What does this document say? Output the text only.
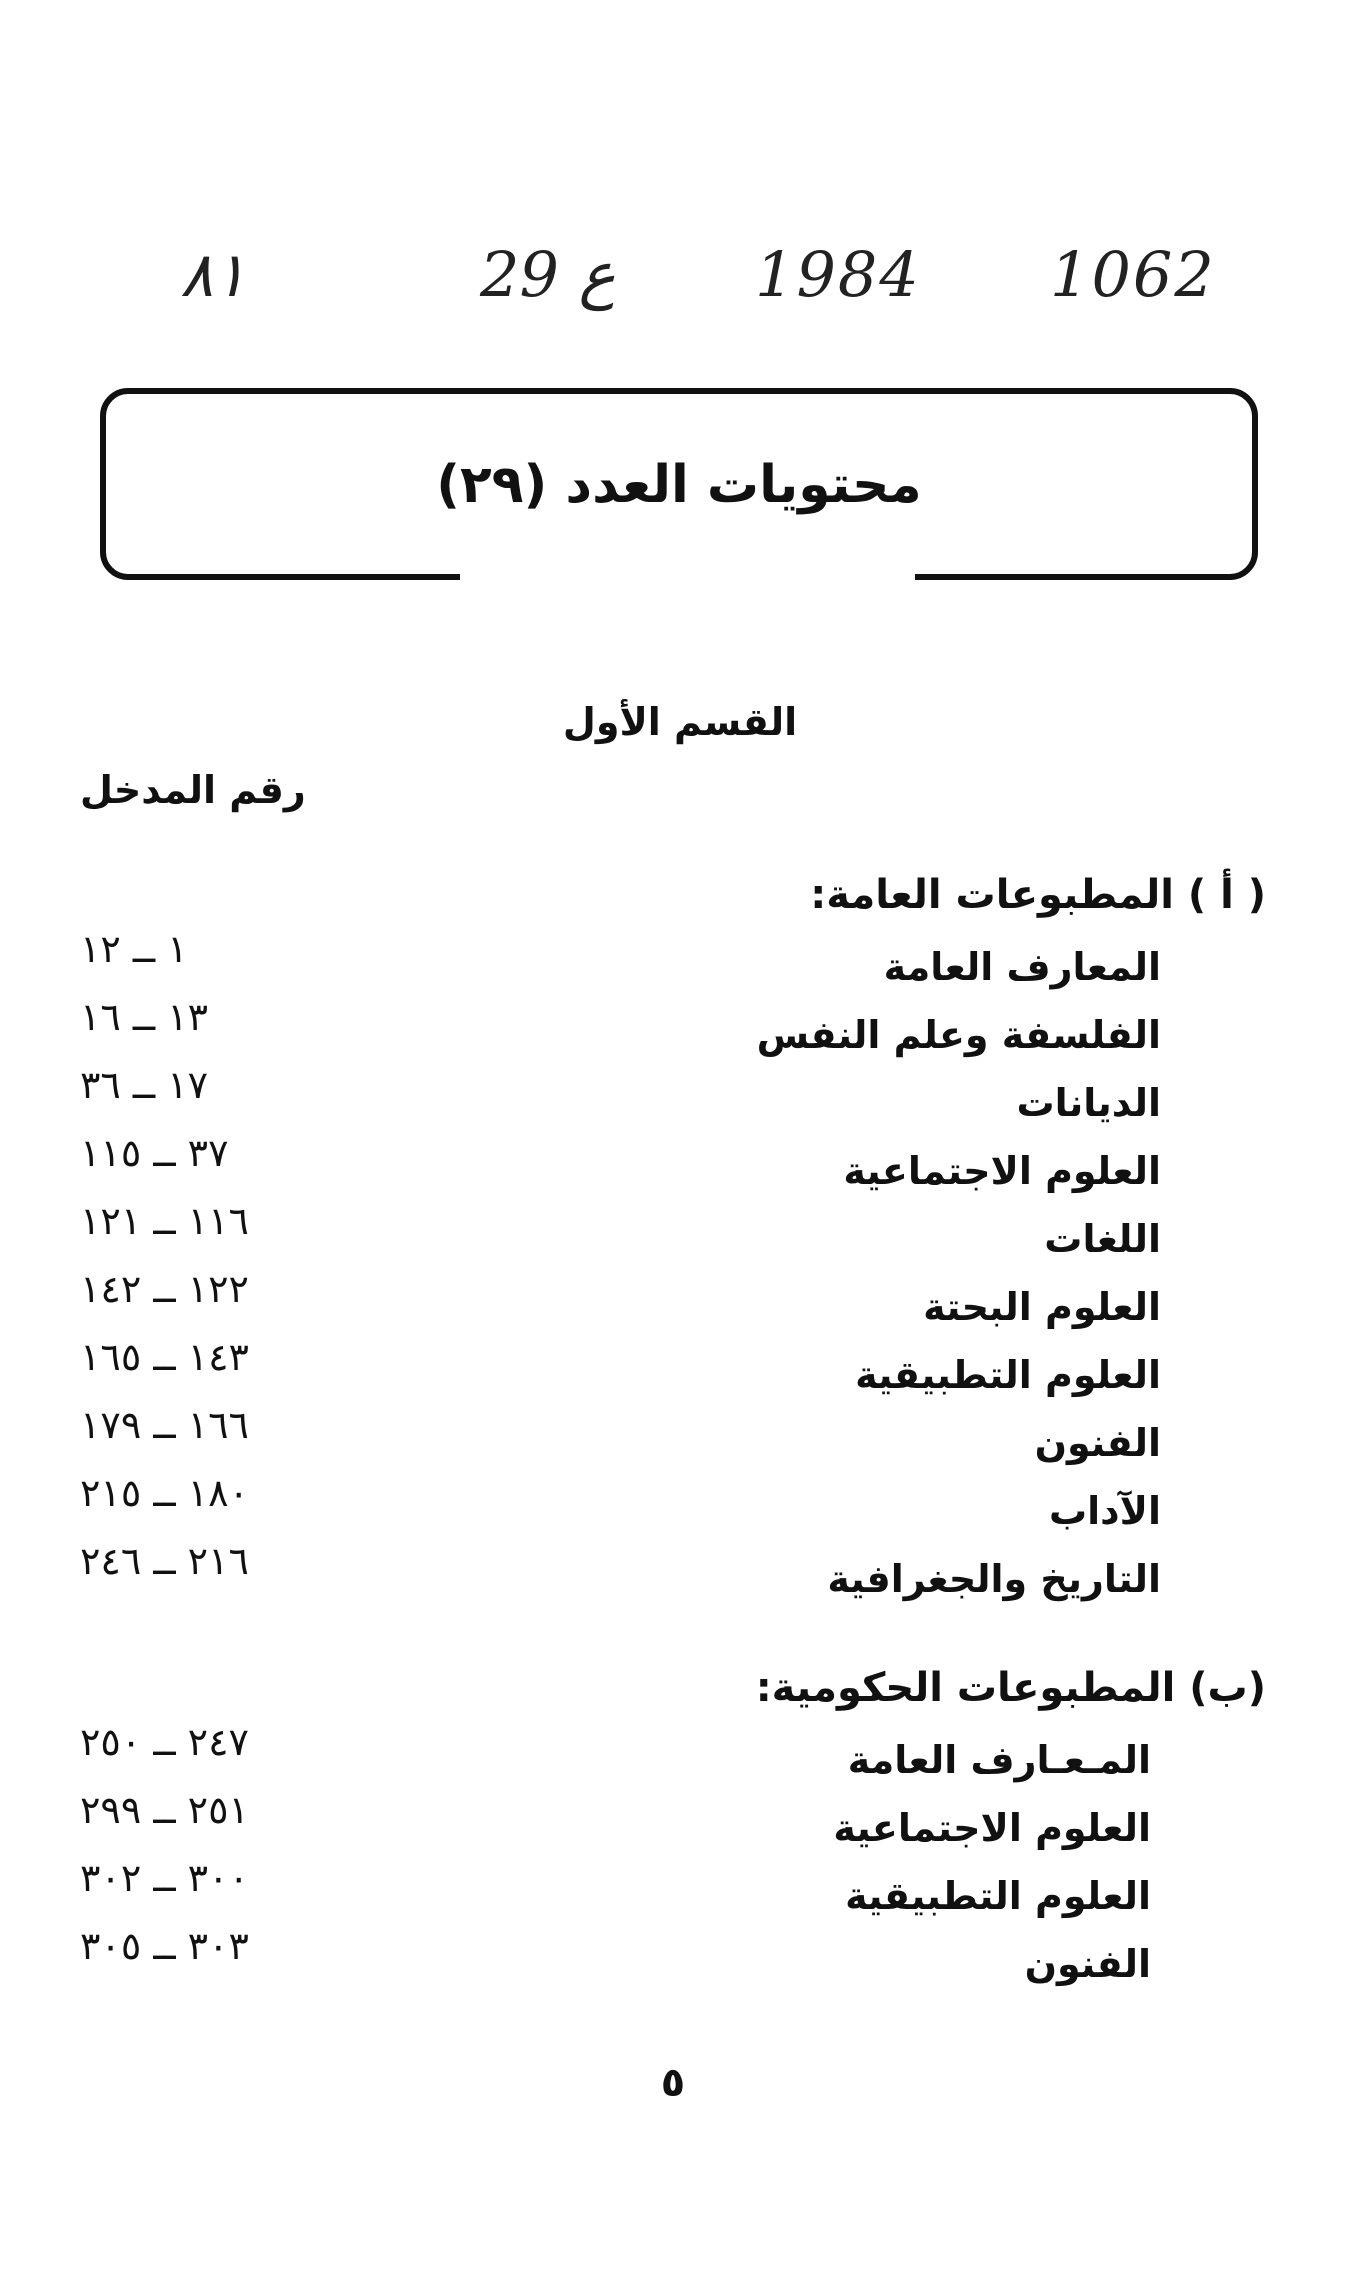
٨١	29 ع 1984 1062
محتويات العدد (٢٩)
القسم الأول
رقم المدخل
( أ ) المطبوعات العامة:
المعارف العامة
١ ــ ١٢
الفلسفة وعلم النفس
١٣ ــ ١٦
الديانات
١٧ ــ ٣٦
العلوم الاجتماعية
٣٧ ــ ١١٥
اللغات
١١٦ ــ ١٢١
العلوم البحتة
١٢٢ ــ ١٤٢
العلوم التطبيقية
١٤٣ ــ ١٦٥
الفنون
١٦٦ ــ ١٧٩
الآداب
١٨٠ ــ ٢١٥
التاريخ والجغرافية
٢١٦ ــ ٢٤٦
(ب) المطبوعات الحكومية:
المـعـارف العامة
٢٤٧ ــ ٢٥٠
العلوم الاجتماعية
٢٥١ ــ ٢٩٩
العلوم التطبيقية
٣٠٠ ــ ٣٠٢
الفنون
٣٠٣ ــ ٣٠٥
٥
